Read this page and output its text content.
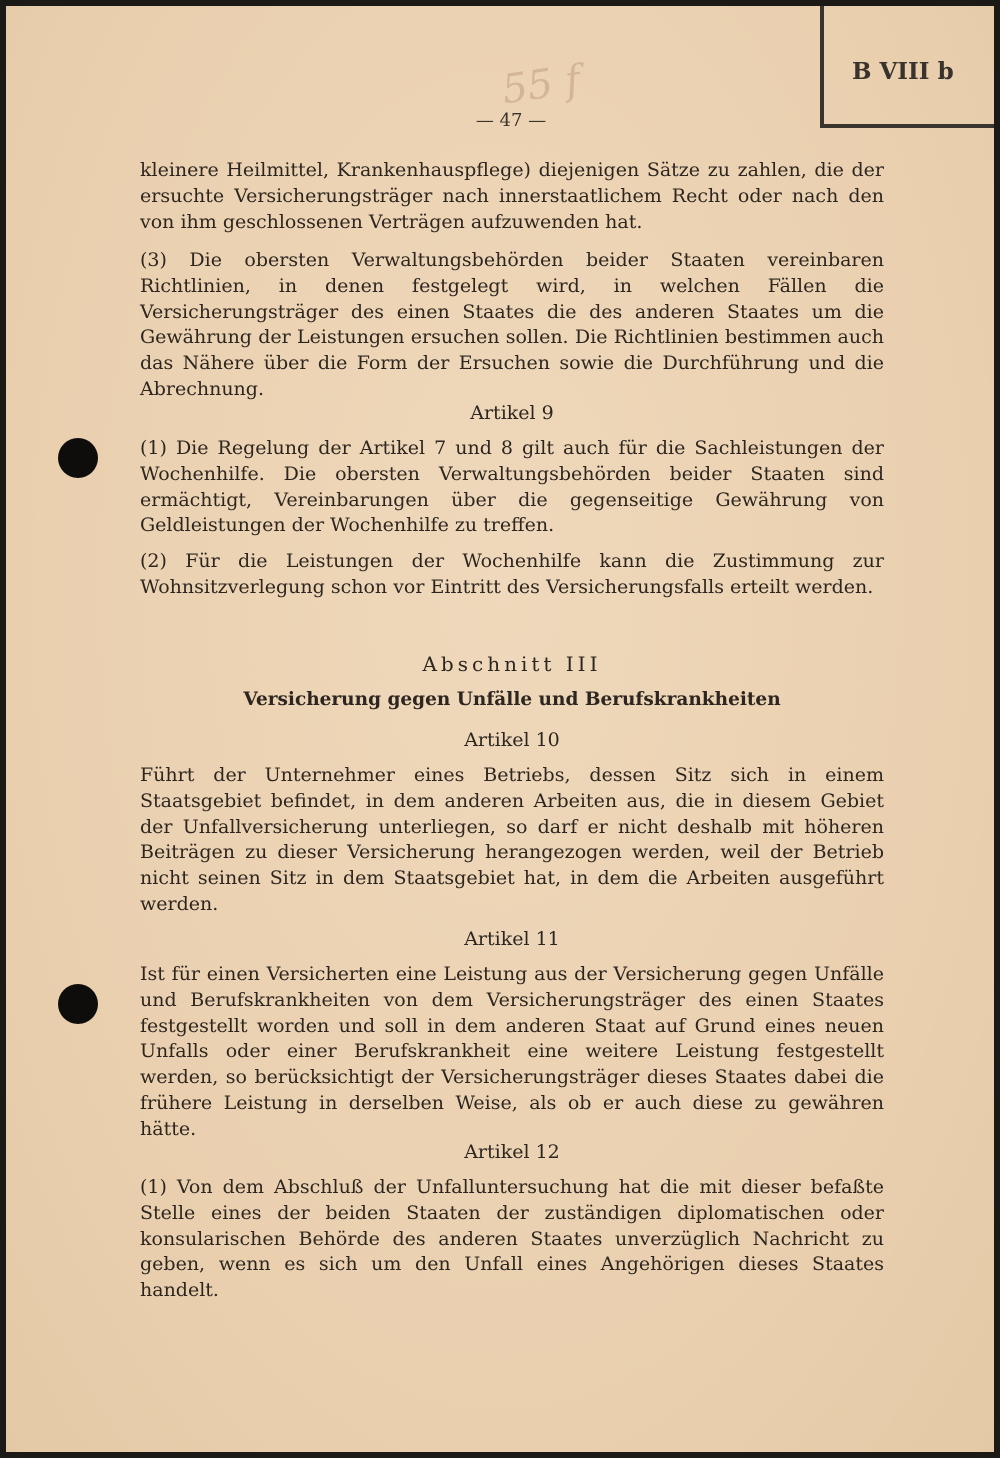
B VIII b
55 f
— 47 —

kleinere Heilmittel, Krankenhauspflege) diejenigen Sätze zu zahlen, die der ersuchte Versicherungsträger nach innerstaatlichem Recht oder nach den von ihm geschlossenen Verträgen aufzuwenden hat.

(3) Die obersten Verwaltungsbehörden beider Staaten vereinbaren Richtlinien, in denen festgelegt wird, in welchen Fällen die Versicherungsträger des einen Staates die des anderen Staates um die Gewährung der Leistungen ersuchen sollen. Die Richtlinien bestimmen auch das Nähere über die Form der Ersuchen sowie die Durchführung und die Abrechnung.

Artikel 9

(1) Die Regelung der Artikel 7 und 8 gilt auch für die Sachleistungen der Wochenhilfe. Die obersten Verwaltungsbehörden beider Staaten sind ermächtigt, Vereinbarungen über die gegenseitige Gewährung von Geldleistungen der Wochenhilfe zu treffen.

(2) Für die Leistungen der Wochenhilfe kann die Zustimmung zur Wohnsitzverlegung schon vor Eintritt des Versicherungsfalls erteilt werden.

Abschnitt III
Versicherung gegen Unfälle und Berufskrankheiten
Artikel 10

Führt der Unternehmer eines Betriebs, dessen Sitz sich in einem Staatsgebiet befindet, in dem anderen Arbeiten aus, die in diesem Gebiet der Unfallversicherung unterliegen, so darf er nicht deshalb mit höheren Beiträgen zu dieser Versicherung herangezogen werden, weil der Betrieb nicht seinen Sitz in dem Staatsgebiet hat, in dem die Arbeiten ausgeführt werden.

Artikel 11

Ist für einen Versicherten eine Leistung aus der Versicherung gegen Unfälle und Berufskrankheiten von dem Versicherungsträger des einen Staates festgestellt worden und soll in dem anderen Staat auf Grund eines neuen Unfalls oder einer Berufskrankheit eine weitere Leistung festgestellt werden, so berücksichtigt der Versicherungsträger dieses Staates dabei die frühere Leistung in derselben Weise, als ob er auch diese zu gewähren hätte.

Artikel 12

(1) Von dem Abschluß der Unfalluntersuchung hat die mit dieser befaßte Stelle eines der beiden Staaten der zuständigen diplomatischen oder konsularischen Behörde des anderen Staates unverzüglich Nachricht zu geben, wenn es sich um den Unfall eines Angehörigen dieses Staates handelt.
